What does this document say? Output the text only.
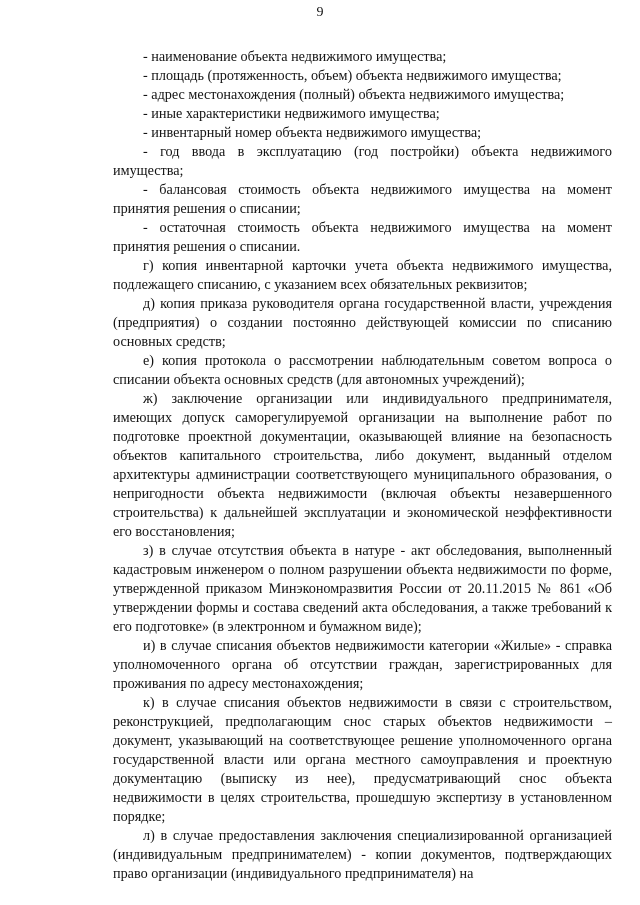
9

- наименование объекта недвижимого имущества;

- площадь (протяженность, объем) объекта недвижимого имущества;

- адрес местонахождения (полный) объекта недвижимого имущества;

- иные характеристики недвижимого имущества;

- инвентарный номер объекта недвижимого имущества;

- год ввода в эксплуатацию (год постройки) объекта недвижимого имущества;

- балансовая стоимость объекта недвижимого имущества на момент принятия решения о списании;

- остаточная стоимость объекта недвижимого имущества на момент принятия решения о списании.

г) копия инвентарной карточки учета объекта недвижимого имущества, подлежащего списанию, с указанием всех обязательных реквизитов;

д) копия приказа руководителя органа государственной власти, учреждения (предприятия) о создании постоянно действующей комиссии по списанию основных средств;

е) копия протокола о рассмотрении наблюдательным советом вопроса о списании объекта основных средств (для автономных учреждений);

ж) заключение организации или индивидуального предпринимателя, имеющих допуск саморегулируемой организации на выполнение работ по подготовке проектной документации, оказывающей влияние на безопасность объектов капитального строительства, либо документ, выданный отделом архитектуры администрации соответствующего муниципального образования, о непригодности объекта недвижимости (включая объекты незавершенного строительства) к дальнейшей эксплуатации и экономической неэффективности его восстановления;

з) в случае отсутствия объекта в натуре - акт обследования, выполненный кадастровым инженером о полном разрушении объекта недвижимости по форме, утвержденной приказом Минэкономразвития России от 20.11.2015 № 861 «Об утверждении формы и состава сведений акта обследования, а также требований к его подготовке» (в электронном и бумажном виде);

и) в случае списания объектов недвижимости категории «Жилые» - справка уполномоченного органа об отсутствии граждан, зарегистрированных для проживания по адресу местонахождения;

к) в случае списания объектов недвижимости в связи с строительством, реконструкцией, предполагающим снос старых объектов недвижимости – документ, указывающий на соответствующее решение уполномоченного органа государственной власти или органа местного самоуправления и проектную документацию (выписку из нее), предусматривающий снос объекта недвижимости в целях строительства, прошедшую экспертизу в установленном порядке;

л) в случае предоставления заключения специализированной организацией (индивидуальным предпринимателем) - копии документов, подтверждающих право организации (индивидуального предпринимателя) на
